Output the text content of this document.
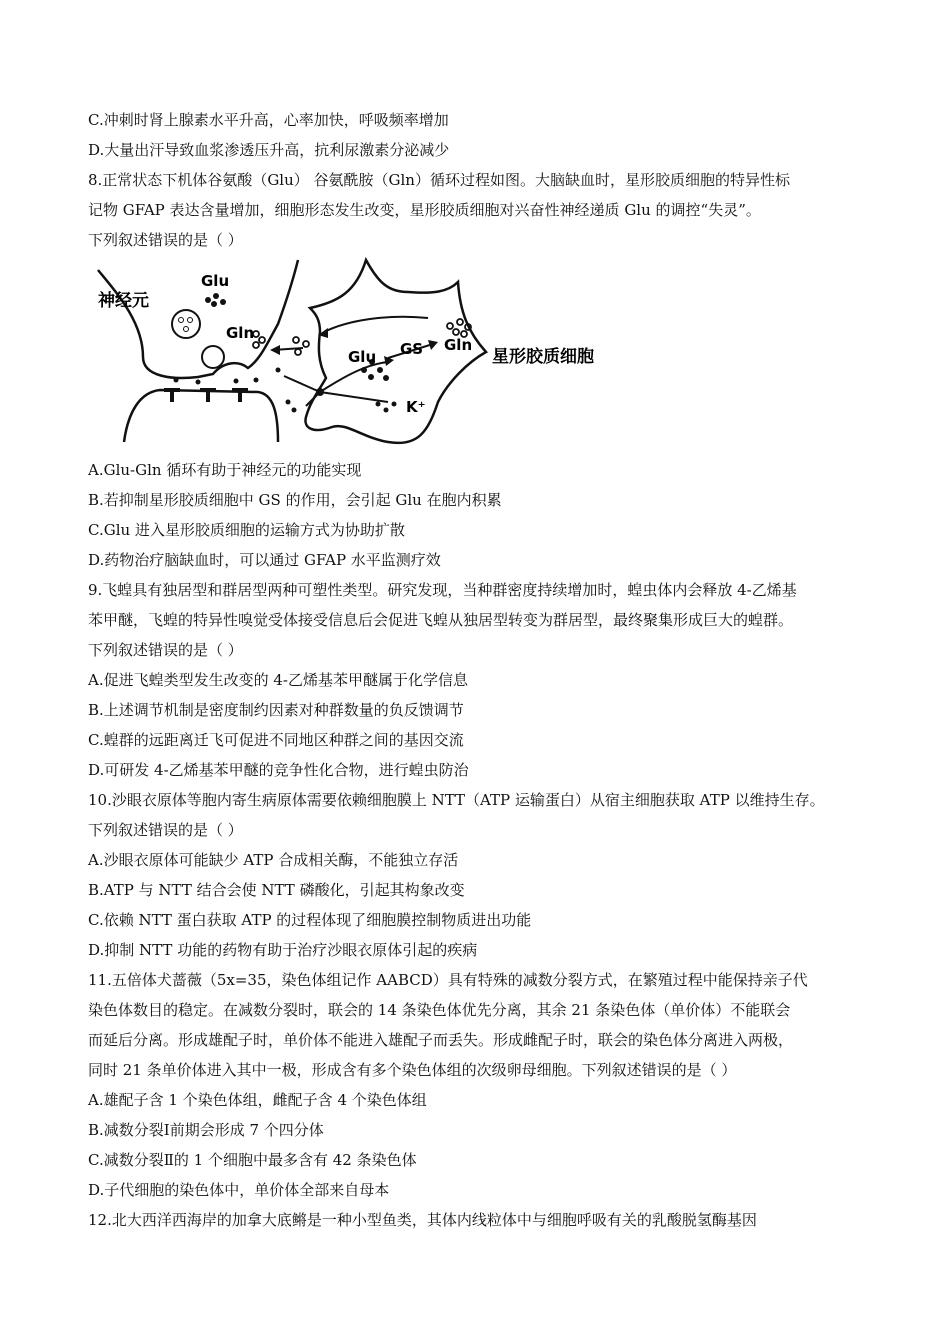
神经元
Glu
Gln
Glu GS Gln
K⁺
星形胶质细胞
C.冲刺时肾上腺素水平升高，心率加快，呼吸频率增加
D.大量出汗导致血浆渗透压升高，抗利尿激素分泌减少
8.正常状态下机体谷氨酸（Glu） 谷氨酰胺（Gln）循环过程如图。大脑缺血时，星形胶质细胞的特异性标
记物 GFAP 表达含量增加，细胞形态发生改变，星形胶质细胞对兴奋性神经递质 Glu 的调控“失灵”。
下列叙述错误的是（ ）
A.Glu-Gln 循环有助于神经元的功能实现
B.若抑制星形胶质细胞中 GS 的作用，会引起 Glu 在胞内积累
C.Glu 进入星形胶质细胞的运输方式为协助扩散
D.药物治疗脑缺血时，可以通过 GFAP 水平监测疗效
9.飞蝗具有独居型和群居型两种可塑性类型。研究发现，当种群密度持续增加时，蝗虫体内会释放 4-乙烯基
苯甲醚，飞蝗的特异性嗅觉受体接受信息后会促进飞蝗从独居型转变为群居型，最终聚集形成巨大的蝗群。
下列叙述错误的是（ ）
A.促进飞蝗类型发生改变的 4-乙烯基苯甲醚属于化学信息
B.上述调节机制是密度制约因素对种群数量的负反馈调节
C.蝗群的远距离迁飞可促进不同地区种群之间的基因交流
D.可研发 4-乙烯基苯甲醚的竞争性化合物，进行蝗虫防治
10.沙眼衣原体等胞内寄生病原体需要依赖细胞膜上 NTT（ATP 运输蛋白）从宿主细胞获取 ATP 以维持生存。
下列叙述错误的是（ ）
A.沙眼衣原体可能缺少 ATP 合成相关酶，不能独立存活
B.ATP 与 NTT 结合会使 NTT 磷酸化，引起其构象改变
C.依赖 NTT 蛋白获取 ATP 的过程体现了细胞膜控制物质进出功能
D.抑制 NTT 功能的药物有助于治疗沙眼衣原体引起的疾病
11.五倍体犬蔷薇（5x=35，染色体组记作 AABCD）具有特殊的减数分裂方式，在繁殖过程中能保持亲子代
染色体数目的稳定。在减数分裂时，联会的 14 条染色体优先分离，其余 21 条染色体（单价体）不能联会
而延后分离。形成雄配子时，单价体不能进入雄配子而丢失。形成雌配子时，联会的染色体分离进入两极，
同时 21 条单价体进入其中一极，形成含有多个染色体组的次级卵母细胞。下列叙述错误的是（ ）
A.雄配子含 1 个染色体组，雌配子含 4 个染色体组
B.减数分裂Ⅰ前期会形成 7 个四分体
C.减数分裂Ⅱ的 1 个细胞中最多含有 42 条染色体
D.子代细胞的染色体中，单价体全部来自母本
12.北大西洋西海岸的加拿大底鳉是一种小型鱼类，其体内线粒体中与细胞呼吸有关的乳酸脱氢酶基因
